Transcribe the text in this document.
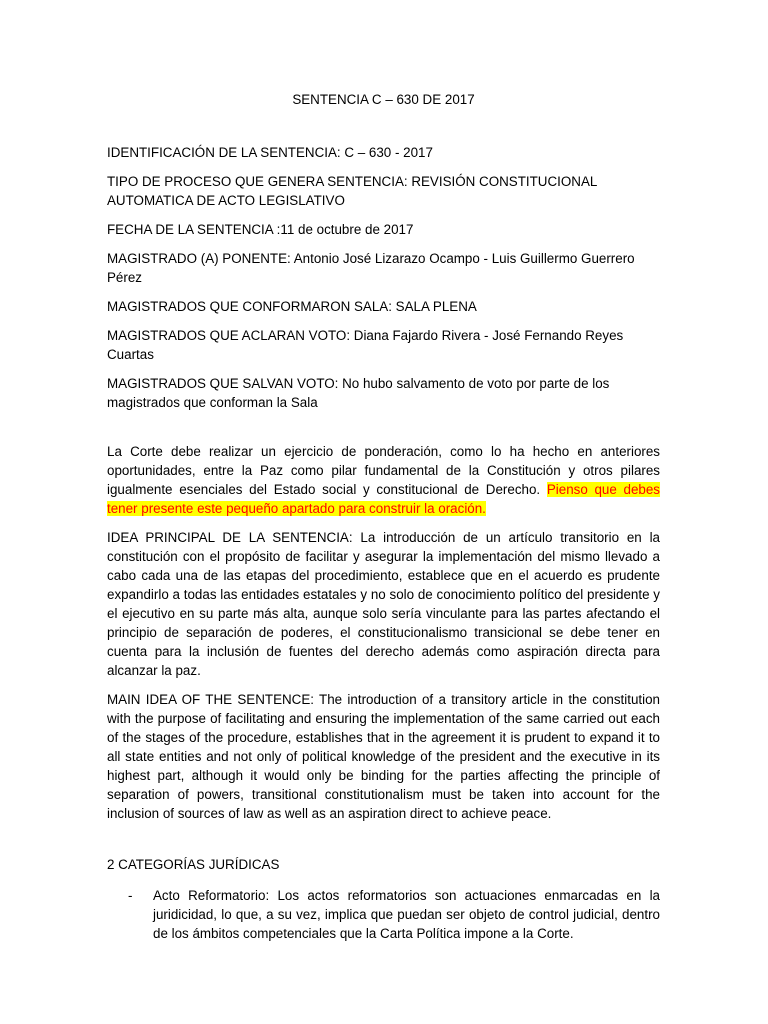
SENTENCIA C – 630 DE 2017
IDENTIFICACIÓN DE LA SENTENCIA: C – 630 - 2017
TIPO DE PROCESO QUE GENERA SENTENCIA: REVISIÓN CONSTITUCIONAL AUTOMATICA DE ACTO LEGISLATIVO
FECHA DE LA SENTENCIA :11 de octubre de 2017
MAGISTRADO (A) PONENTE: Antonio José Lizarazo Ocampo - Luis Guillermo Guerrero Pérez
MAGISTRADOS QUE CONFORMARON SALA: SALA PLENA
MAGISTRADOS QUE ACLARAN VOTO: Diana Fajardo Rivera - José Fernando Reyes Cuartas
MAGISTRADOS QUE SALVAN VOTO: No hubo salvamento de voto por parte de los magistrados que conforman la Sala
La Corte debe realizar un ejercicio de ponderación, como lo ha hecho en anteriores oportunidades, entre la Paz como pilar fundamental de la Constitución y otros pilares igualmente esenciales del Estado social y constitucional de Derecho. Pienso que debes tener presente este pequeño apartado para construir la oración.
IDEA PRINCIPAL DE LA SENTENCIA: La introducción de un artículo transitorio en la constitución con el propósito de facilitar y asegurar la implementación del mismo llevado a cabo cada una de las etapas del procedimiento, establece que en el acuerdo es prudente expandirlo a todas las entidades estatales y no solo de conocimiento político del presidente y el ejecutivo en su parte más alta, aunque solo sería vinculante para las partes afectando el principio de separación de poderes, el constitucionalismo transicional se debe tener en cuenta para la inclusión de fuentes del derecho además como aspiración directa para alcanzar la paz.
MAIN IDEA OF THE SENTENCE: The introduction of a transitory article in the constitution with the purpose of facilitating and ensuring the implementation of the same carried out each of the stages of the procedure, establishes that in the agreement it is prudent to expand it to all state entities and not only of political knowledge of the president and the executive in its highest part, although it would only be binding for the parties affecting the principle of separation of powers, transitional constitutionalism must be taken into account for the inclusion of sources of law as well as an aspiration direct to achieve peace.
2 CATEGORÍAS JURÍDICAS
-	Acto Reformatorio: Los actos reformatorios son actuaciones enmarcadas en la juridicidad, lo que, a su vez, implica que puedan ser objeto de control judicial, dentro de los ámbitos competenciales que la Carta Política impone a la Corte.
